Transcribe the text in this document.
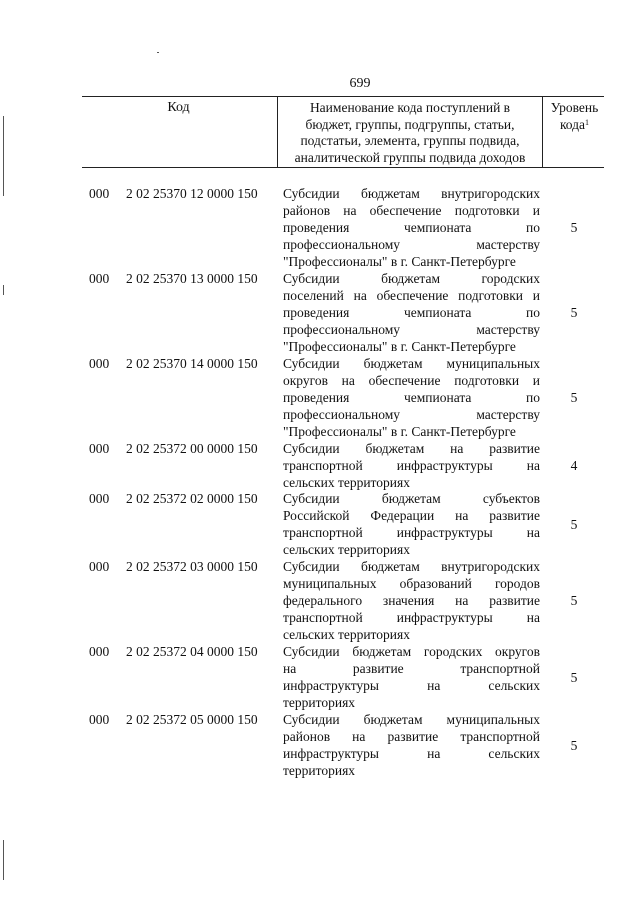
699
Код	Наименование кода поступлений в
бюджет, группы, подгруппы, статьи,
подстатьи, элемента, группы подвида,
аналитической группы подвида доходов
Уровень
кода$^1$
000 2 02 25370 12 0000 150 Субсидии бюджетам внутригородских
районов на обеспечение подготовки и
проведения чемпионата по
профессиональному мастерству
"Профессионалы" в г. Санкт-Петербурге
5
000 2 02 25370 13 0000 150 Субсидии бюджетам городских
поселений на обеспечение подготовки и
проведения чемпионата по
профессиональному мастерству
"Профессионалы" в г. Санкт-Петербурге
5
000 2 02 25370 14 0000 150 Субсидии бюджетам муниципальных
округов на обеспечение подготовки и
проведения чемпионата по
профессиональному мастерству
"Профессионалы" в г. Санкт-Петербурге
5
000 2 02 25372 00 0000 150 Субсидии бюджетам на развитие
транспортной инфраструктуры на
сельских территориях
4
000 2 02 25372 02 0000 150 Субсидии бюджетам субъектов
Российской Федерации на развитие
транспортной инфраструктуры на
сельских территориях
5
000 2 02 25372 03 0000 150 Субсидии бюджетам внутригородских
муниципальных образований городов
федерального значения на развитие
транспортной инфраструктуры на
сельских территориях
5
000 2 02 25372 04 0000 150 Субсидии бюджетам городских округов
на развитие транспортной
инфраструктуры на сельских
территориях
5
000 2 02 25372 05 0000 150 Субсидии бюджетам муниципальных
районов на развитие транспортной
инфраструктуры на сельских
территориях
5
